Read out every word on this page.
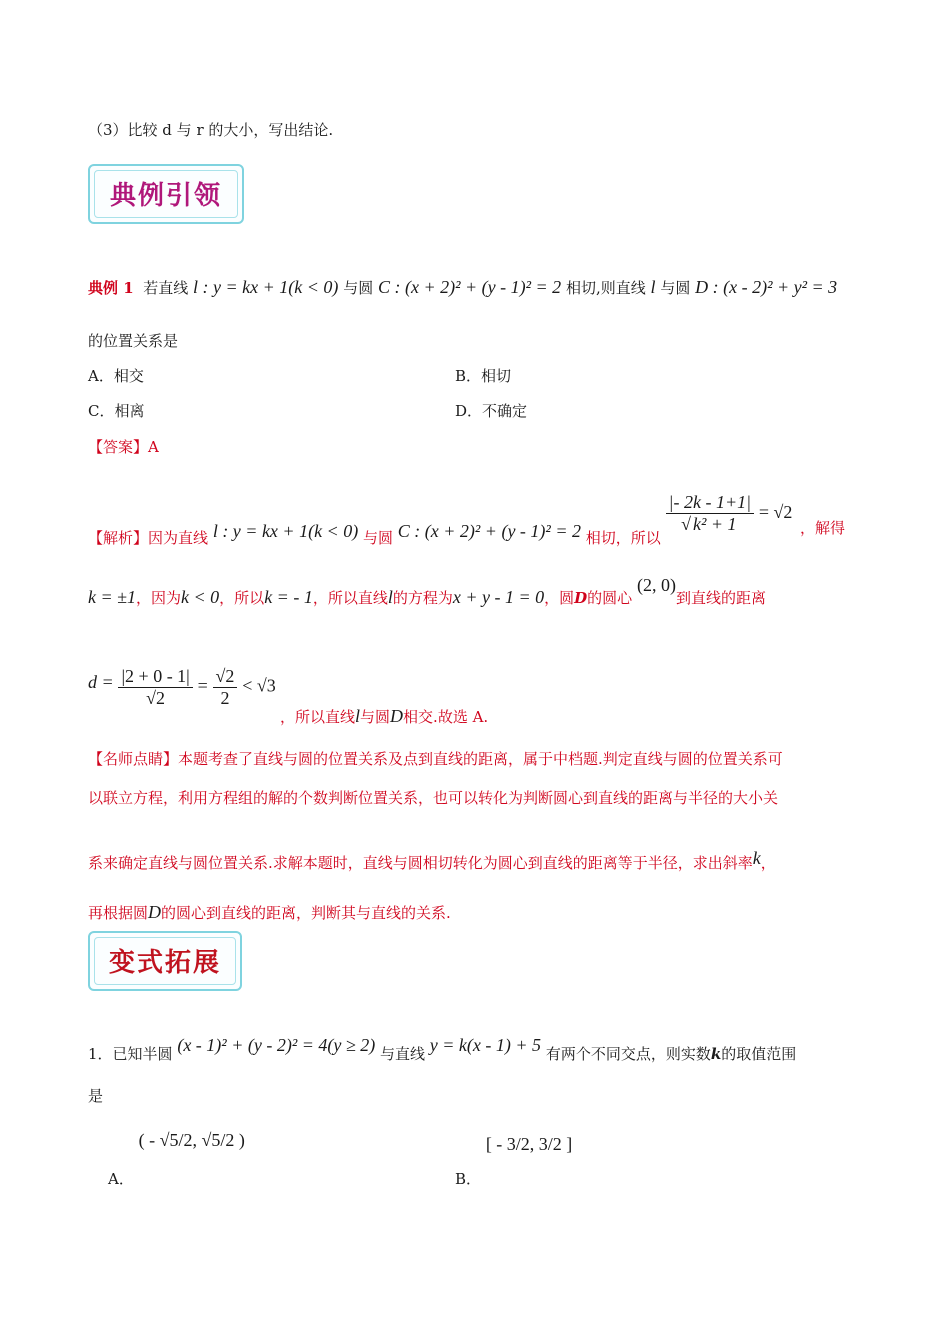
（3）比较 d 与 r 的大小，写出结论.
典例引领
典例 1 若直线 l : y = kx + 1(k < 0) 与圆 C : (x + 2)² + (y - 1)² = 2 相切,则直线 l 与圆 D : (x - 2)² + y² = 3
的位置关系是
A．相交	B．相切
C．相离	D．不确定
【答案】A
【解析】因为直线 l : y = kx + 1(k < 0) 与圆 C : (x + 2)² + (y - 1)² = 2 相切，所以
$\frac{|- 2k - 1+1|}{\text{√ k² + 1}} = √2$
，解得
k = ±1，因为k < 0，所以k = - 1，所以直线l的方程为x + y - 1 = 0，圆D的圆心 (2, 0)到直线的距离
$d = \frac{|2 + 0 - 1|}{√2} = \frac{√2}{2} < √3$
，所以直线l与圆D相交.故选 A.
【名师点睛】本题考查了直线与圆的位置关系及点到直线的距离，属于中档题.判定直线与圆的位置关系可
以联立方程，利用方程组的解的个数判断位置关系，也可以转化为判断圆心到直线的距离与半径的大小关
系来确定直线与圆位置关系.求解本题时，直线与圆相切转化为圆心到直线的距离等于半径，求出斜率k，
再根据圆D的圆心到直线的距离，判断其与直线的关系.
变式拓展
1．已知半圆 (x - 1)² + (y - 2)² = 4(y ≥ 2) 与直线 y = k(x - 1) + 5 有两个不同交点，则实数k的取值范围
是
A． ( - √5/2, √5/2 )
B． [ - 3/2, 3/2 ]
